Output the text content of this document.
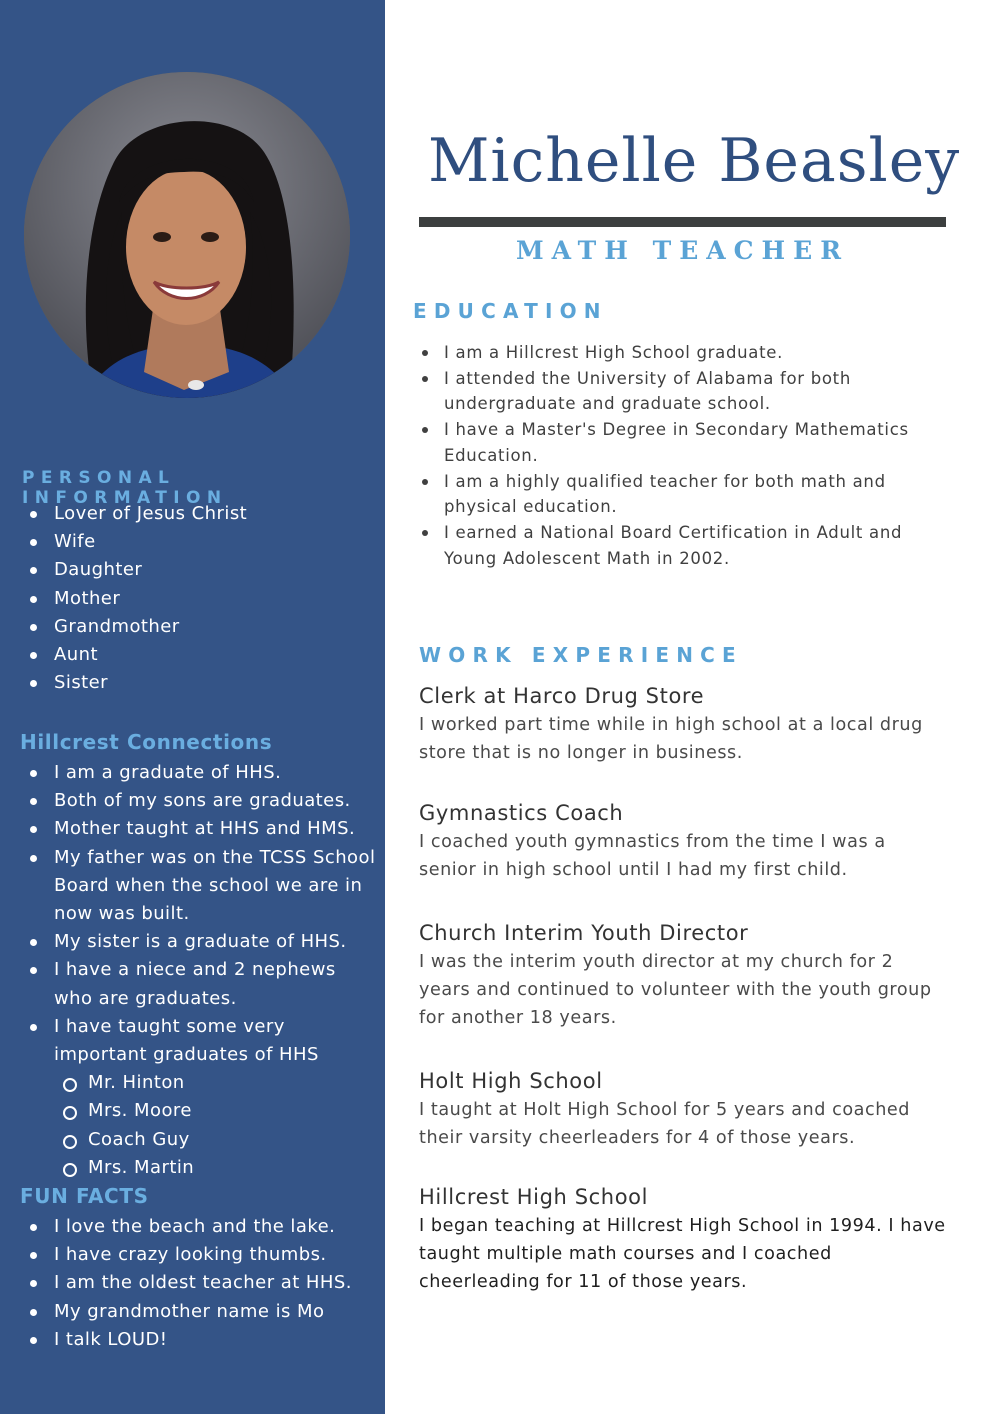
PERSONAL INFORMATION
Lover of Jesus Christ
Wife
Daughter
Mother
Grandmother
Aunt
Sister
Hillcrest Connections
I am a graduate of HHS.
Both of my sons are graduates.
Mother taught at HHS and HMS.
My father was on the TCSS School Board when the school we are in now was built.
My sister is a graduate of HHS.
I have a niece and 2 nephews who are graduates.
I have taught some very important graduates of HHS
Mr. Hinton
Mrs. Moore
Coach Guy
Mrs. Martin
FUN FACTS
I love the beach and the lake.
I have crazy looking thumbs.
I am the oldest teacher at HHS.
My grandmother name is Mo
I talk LOUD!
Michelle Beasley
MATH TEACHER
EDUCATION
I am a Hillcrest High School graduate.
I attended the University of Alabama for both undergraduate and graduate school.
I have a Master's Degree in Secondary Mathematics Education.
I am a highly qualified teacher for both math and physical education.
I earned a National Board Certification in Adult and Young Adolescent Math in 2002.
WORK EXPERIENCE
Clerk at Harco Drug Store
I worked part time while in high school at a local drug store that is no longer in business.
Gymnastics Coach
I coached youth gymnastics from the time I was a senior in high school until I had my first child.
Church Interim Youth Director
I was the interim youth director at my church for 2 years and continued to volunteer with the youth group for another 18 years.
Holt High School
I taught at Holt High School for 5 years and coached their varsity cheerleaders for 4 of those years.
Hillcrest High School
I began teaching at Hillcrest High School in 1994. I have taught multiple math courses and I coached cheerleading for 11 of those years.
